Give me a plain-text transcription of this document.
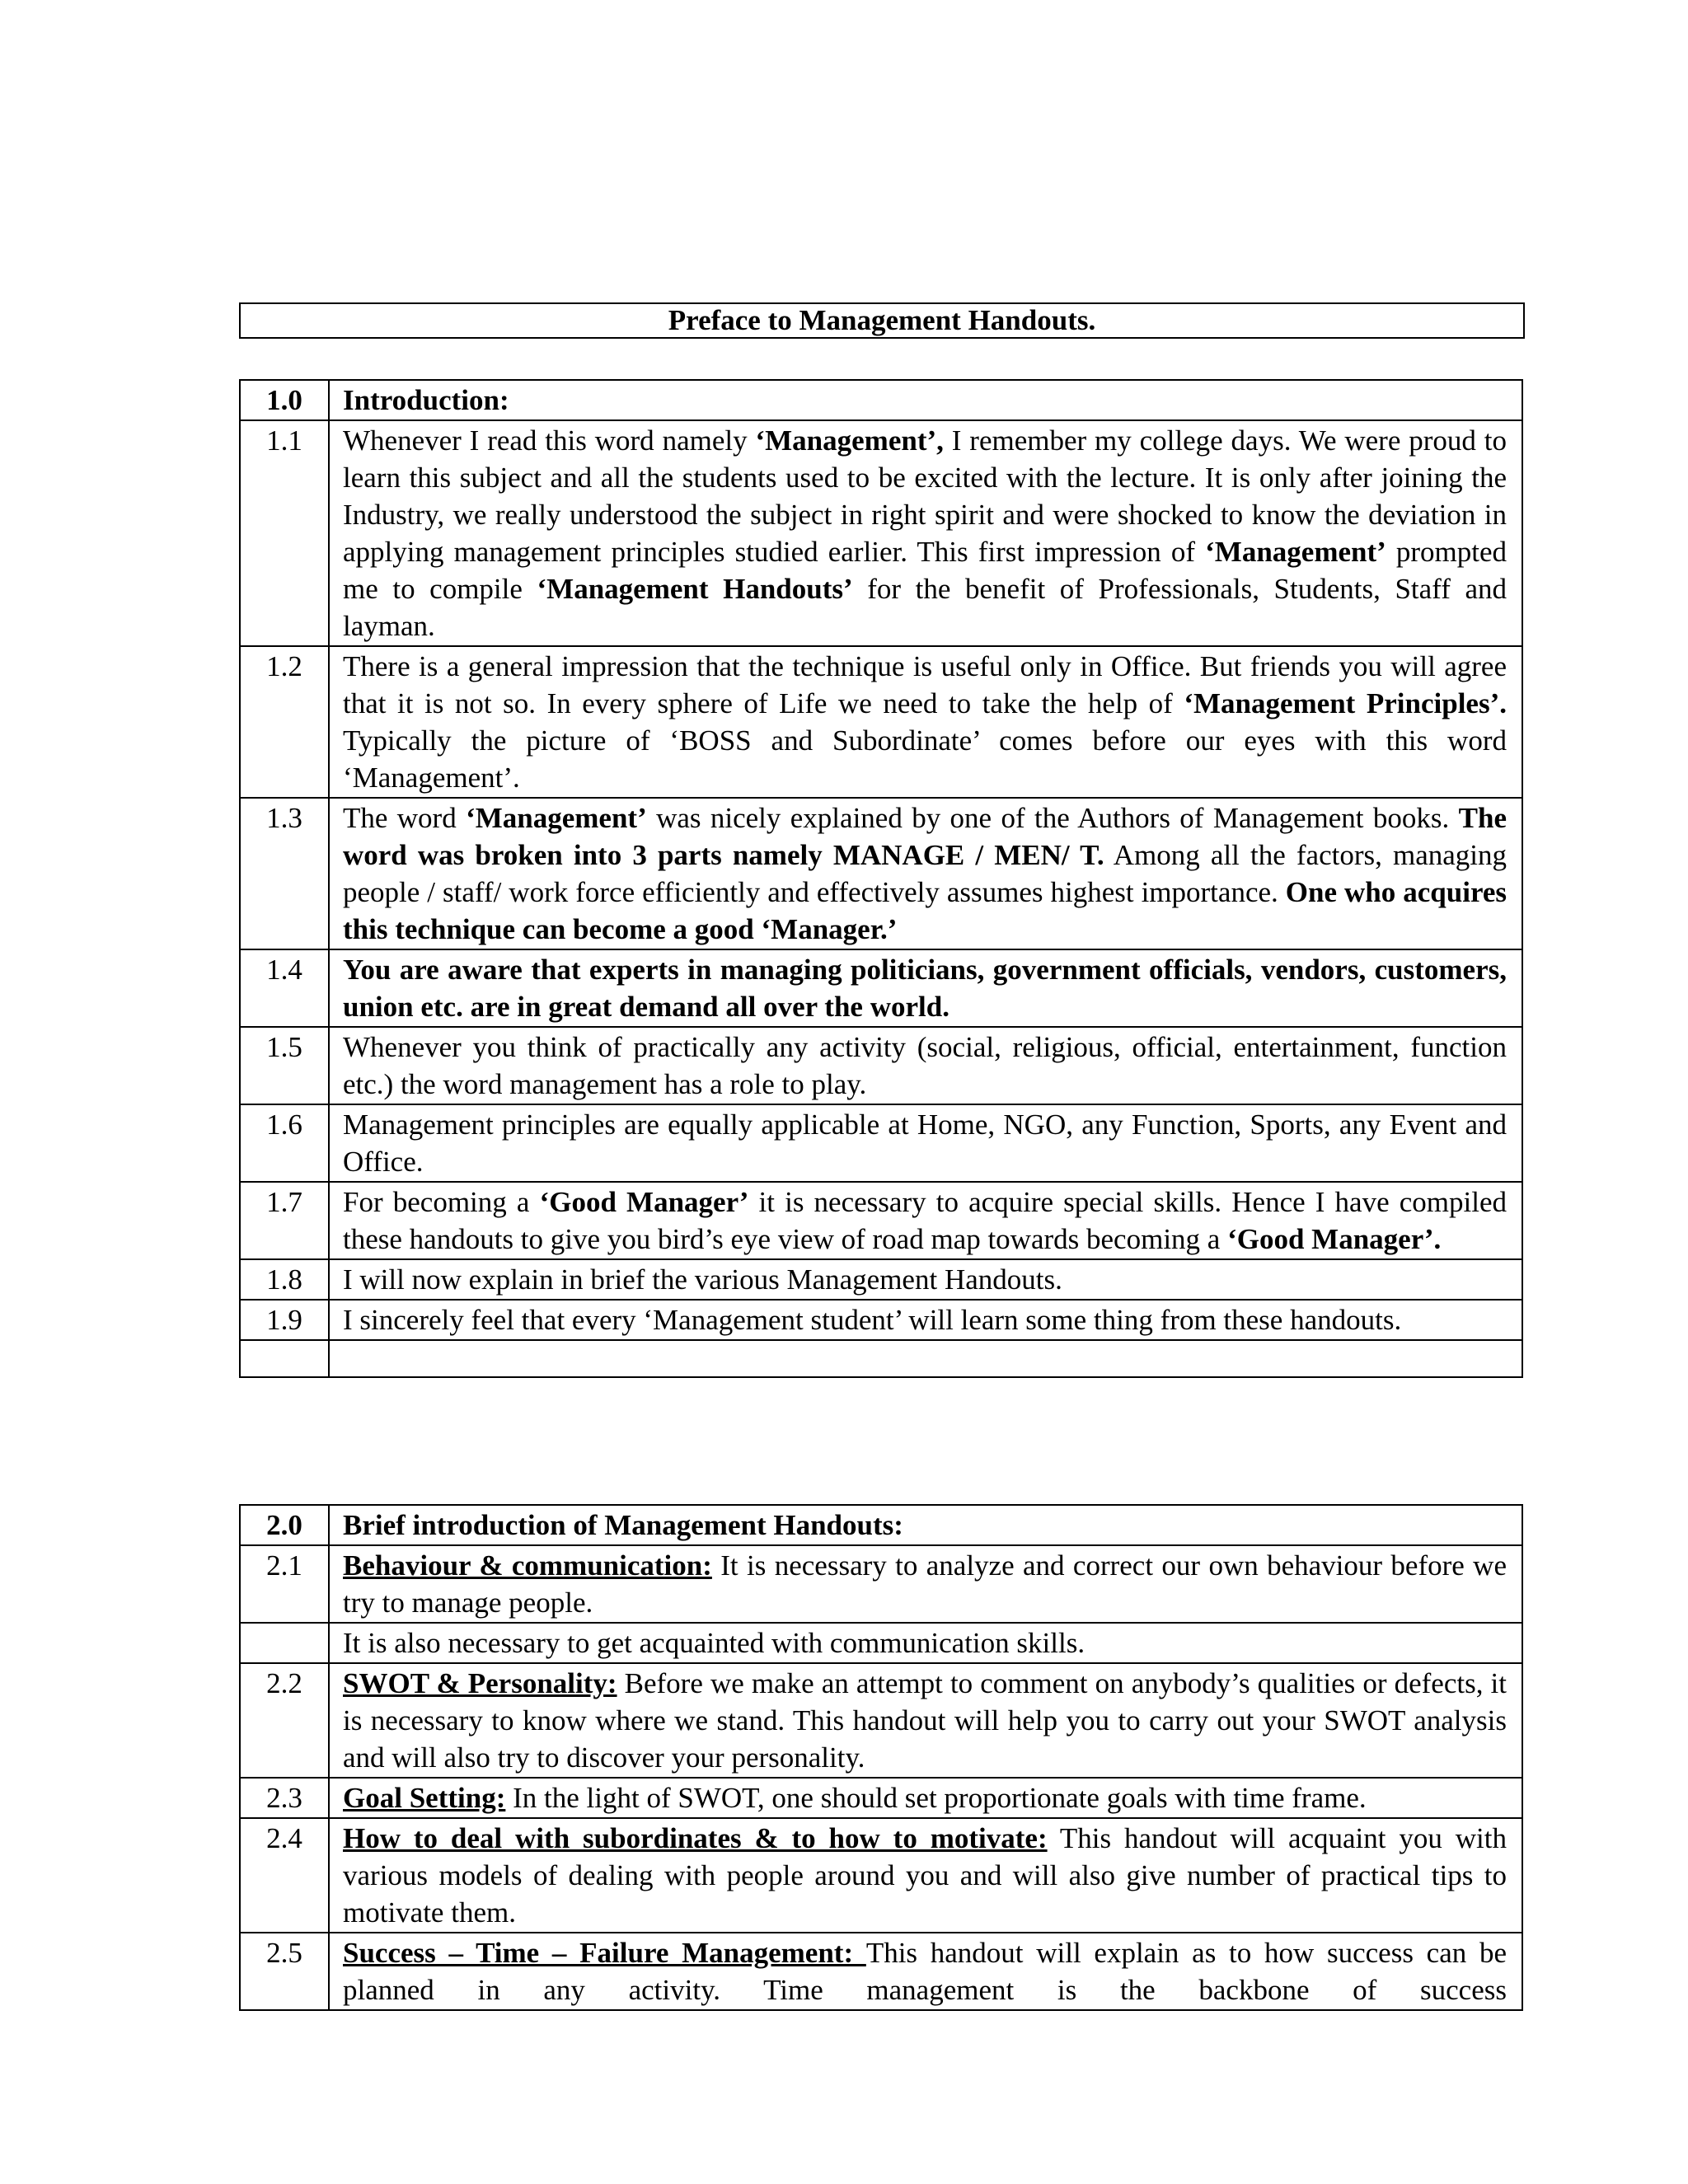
Preface to Management Handouts.
1.0	Introduction:
1.1	Whenever I read this word namely ‘Management’, I remember my college days. We were proud to learn this subject and all the students used to be excited with the lecture. It is only after joining the Industry, we really understood the subject in right spirit and were shocked to know the deviation in applying management principles studied earlier. This first impression of ‘Management’ prompted me to compile ‘Management Handouts’ for the benefit of Professionals, Students, Staff and layman.
1.2	There is a general impression that the technique is useful only in Office. But friends you will agree that it is not so. In every sphere of Life we need to take the help of ‘Management Principles’. Typically the picture of ‘BOSS and Subordinate’ comes before our eyes with this word ‘Management’.
1.3	The word ‘Management’ was nicely explained by one of the Authors of Management books. The word was broken into 3 parts namely MANAGE / MEN/ T. Among all the factors, managing people / staff/ work force efficiently and effectively assumes highest importance. One who acquires this technique can become a good ‘Manager.’
1.4	You are aware that experts in managing politicians, government officials, vendors, customers, union etc. are in great demand all over the world.
1.5	Whenever you think of practically any activity (social, religious, official, entertainment, function etc.) the word management has a role to play.
1.6	Management principles are equally applicable at Home, NGO, any Function, Sports, any Event and Office.
1.7	For becoming a ‘Good Manager’ it is necessary to acquire special skills. Hence I have compiled these handouts to give you bird’s eye view of road map towards becoming a ‘Good Manager’.
1.8	I will now explain in brief the various Management Handouts.
1.9	I sincerely feel that every ‘Management student’ will learn some thing from these handouts.

2.0	Brief introduction of Management Handouts:
2.1	Behaviour & communication: It is necessary to analyze and correct our own behaviour before we try to manage people.
	It is also necessary to get acquainted with communication skills.
2.2	SWOT & Personality: Before we make an attempt to comment on anybody’s qualities or defects, it is necessary to know where we stand. This handout will help you to carry out your SWOT analysis and will also try to discover your personality.
2.3	Goal Setting: In the light of SWOT, one should set proportionate goals with time frame.
2.4	How to deal with subordinates & to how to motivate: This handout will acquaint you with various models of dealing with people around you and will also give number of practical tips to motivate them.
2.5	Success – Time – Failure Management: This handout will explain as to how success can be planned in any activity. Time management is the backbone of success
